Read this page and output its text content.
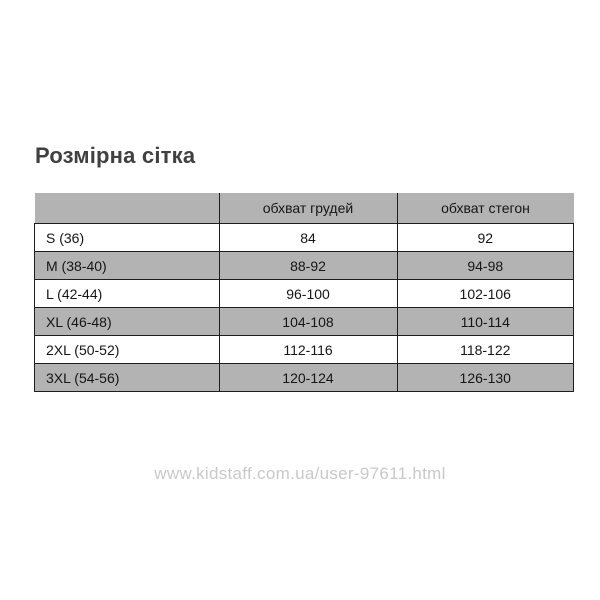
Розмірна сітка
	обхват грудей	обхват стегон
S (36)	84	92
M (38-40)	88-92	94-98
L (42-44)	96-100	102-106
XL (46-48)	104-108	110-114
2XL (50-52)	112-116	118-122
3XL (54-56)	120-124	126-130
www.kidstaff.com.ua/user-97611.html
